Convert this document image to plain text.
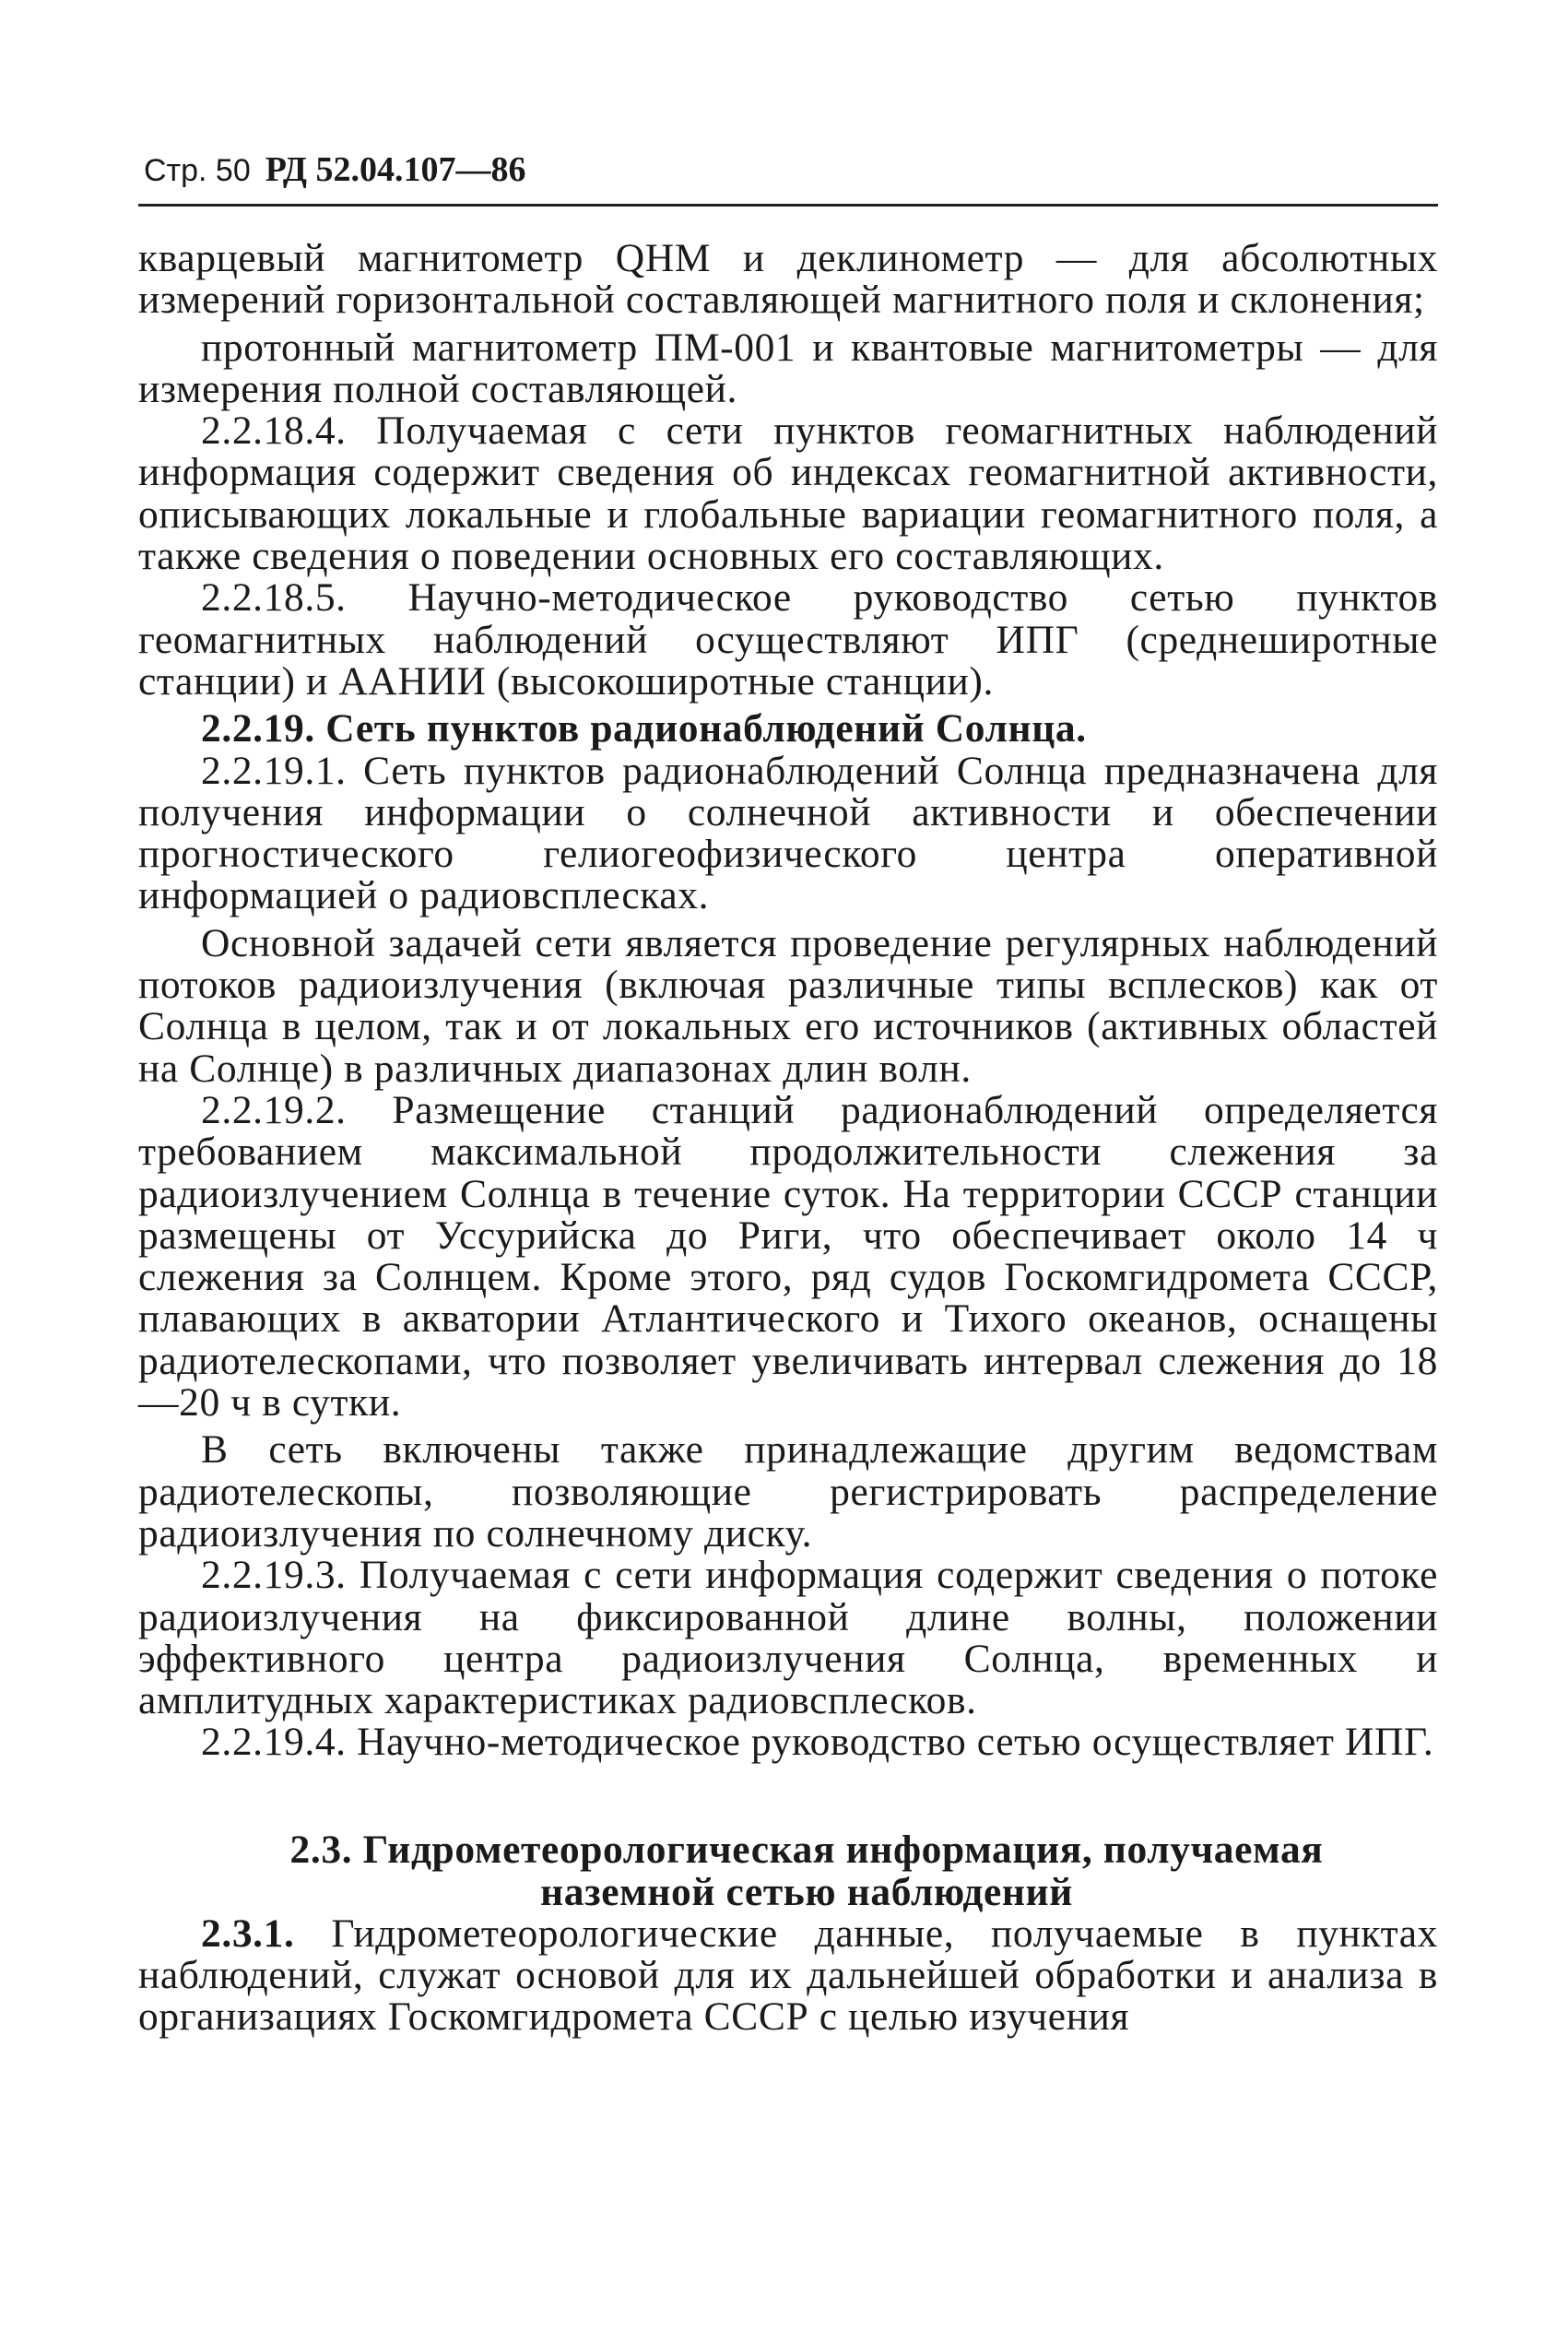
Стр. 50 РД 52.04.107—86

кварцевый магнитометр QHM и деклинометр — для абсолютных измерений горизонтальной составляющей магнитного поля и склонения;

протонный магнитометр ПМ-001 и квантовые магнитометры — для измерения полной составляющей.

2.2.18.4. Получаемая с сети пунктов геомагнитных наблюдений информация содержит сведения об индексах геомагнитной активности, описывающих локальные и глобальные вариации геомагнитного поля, а также сведения о поведении основных его составляющих.

2.2.18.5. Научно-методическое руководство сетью пунктов геомагнитных наблюдений осуществляют ИПГ (среднеширотные станции) и ААНИИ (высокоширотные станции).

2.2.19. Сеть пунктов радионаблюдений Солнца.

2.2.19.1. Сеть пунктов радионаблюдений Солнца предназначена для получения информации о солнечной активности и обеспечении прогностического гелиогеофизического центра оперативной информацией о радиовсплесках.

Основной задачей сети является проведение регулярных наблюдений потоков радиоизлучения (включая различные типы всплесков) как от Солнца в целом, так и от локальных его источников (активных областей на Солнце) в различных диапазонах длин волн.

2.2.19.2. Размещение станций радионаблюдений определяется требованием максимальной продолжительности слежения за радиоизлучением Солнца в течение суток. На территории СССР станции размещены от Уссурийска до Риги, что обеспечивает около 14 ч слежения за Солнцем. Кроме этого, ряд судов Госкомгидромета СССР, плавающих в акватории Атлантического и Тихого океанов, оснащены радиотелескопами, что позволяет увеличивать интервал слежения до 18—20 ч в сутки.

В сеть включены также принадлежащие другим ведомствам радиотелескопы, позволяющие регистрировать распределение радиоизлучения по солнечному диску.

2.2.19.3. Получаемая с сети информация содержит сведения о потоке радиоизлучения на фиксированной длине волны, положении эффективного центра радиоизлучения Солнца, временных и амплитудных характеристиках радиовсплесков.

2.2.19.4. Научно-методическое руководство сетью осуществляет ИПГ.

2.3. Гидрометеорологическая информация, получаемая
наземной сетью наблюдений

2.3.1. Гидрометеорологические данные, получаемые в пунктах наблюдений, служат основой для их дальнейшей обработки и анализа в организациях Госкомгидромета СССР с целью изучения
